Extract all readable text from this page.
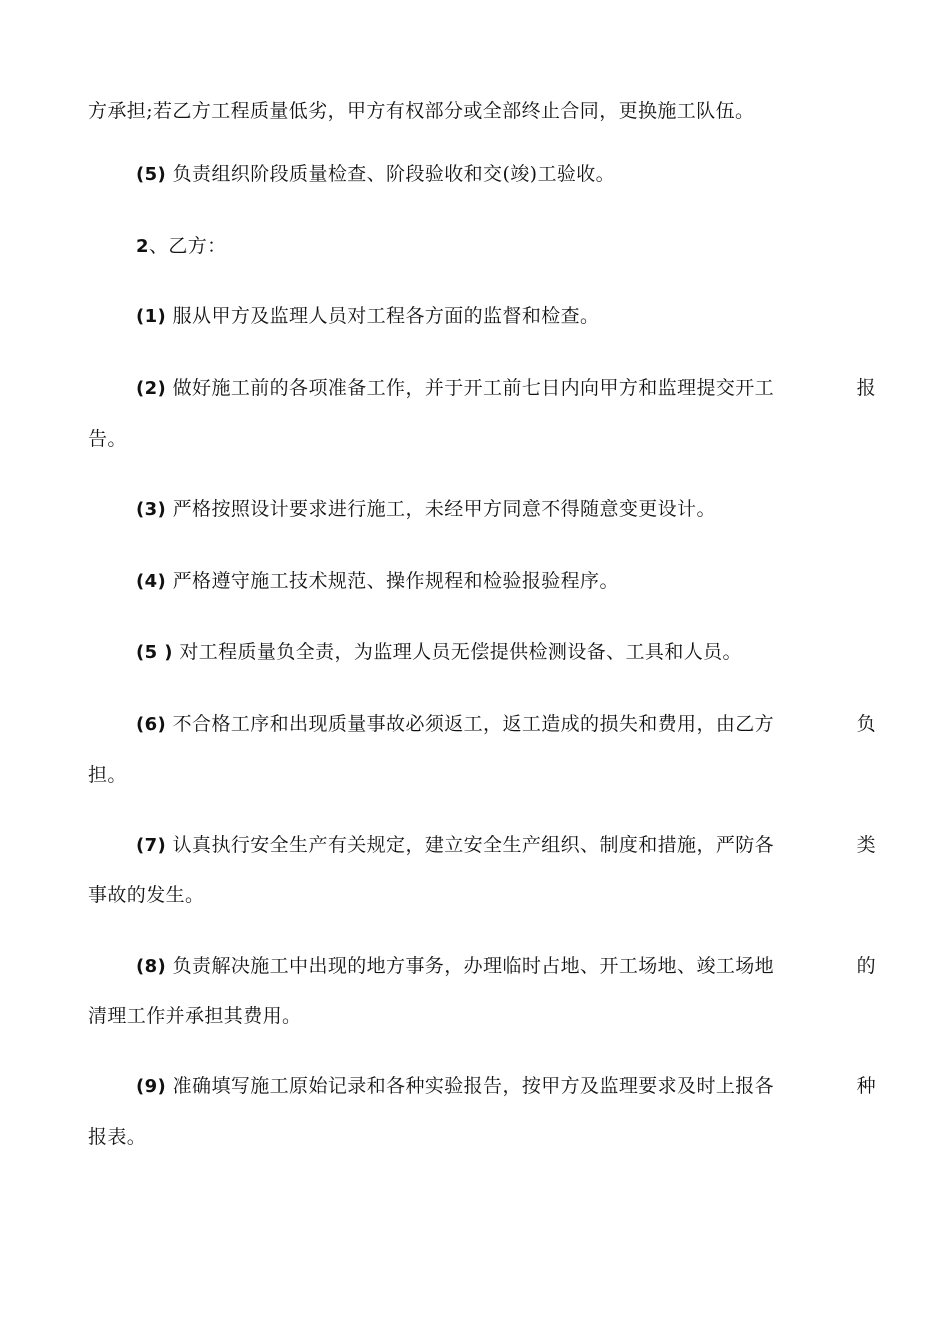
方承担;若乙方工程质量低劣，甲方有权部分或全部终止合同，更换施工队伍。
(5) 负责组织阶段质量检查、阶段验收和交(竣)工验收。
2、乙方：
(1) 服从甲方及监理人员对工程各方面的监督和检查。
(2) 做好施工前的各项准备工作，并于开工前七日内向甲方和监理提交开工	报
告。
(3) 严格按照设计要求进行施工，未经甲方同意不得随意变更设计。
(4) 严格遵守施工技术规范、操作规程和检验报验程序。
(5 ) 对工程质量负全责，为监理人员无偿提供检测设备、工具和人员。
(6) 不合格工序和出现质量事故必须返工，返工造成的损失和费用，由乙方	负
担。
(7) 认真执行安全生产有关规定，建立安全生产组织、制度和措施，严防各	类
事故的发生。
(8) 负责解决施工中出现的地方事务，办理临时占地、开工场地、竣工场地	的
清理工作并承担其费用。
(9) 准确填写施工原始记录和各种实验报告，按甲方及监理要求及时上报各	种
报表。
